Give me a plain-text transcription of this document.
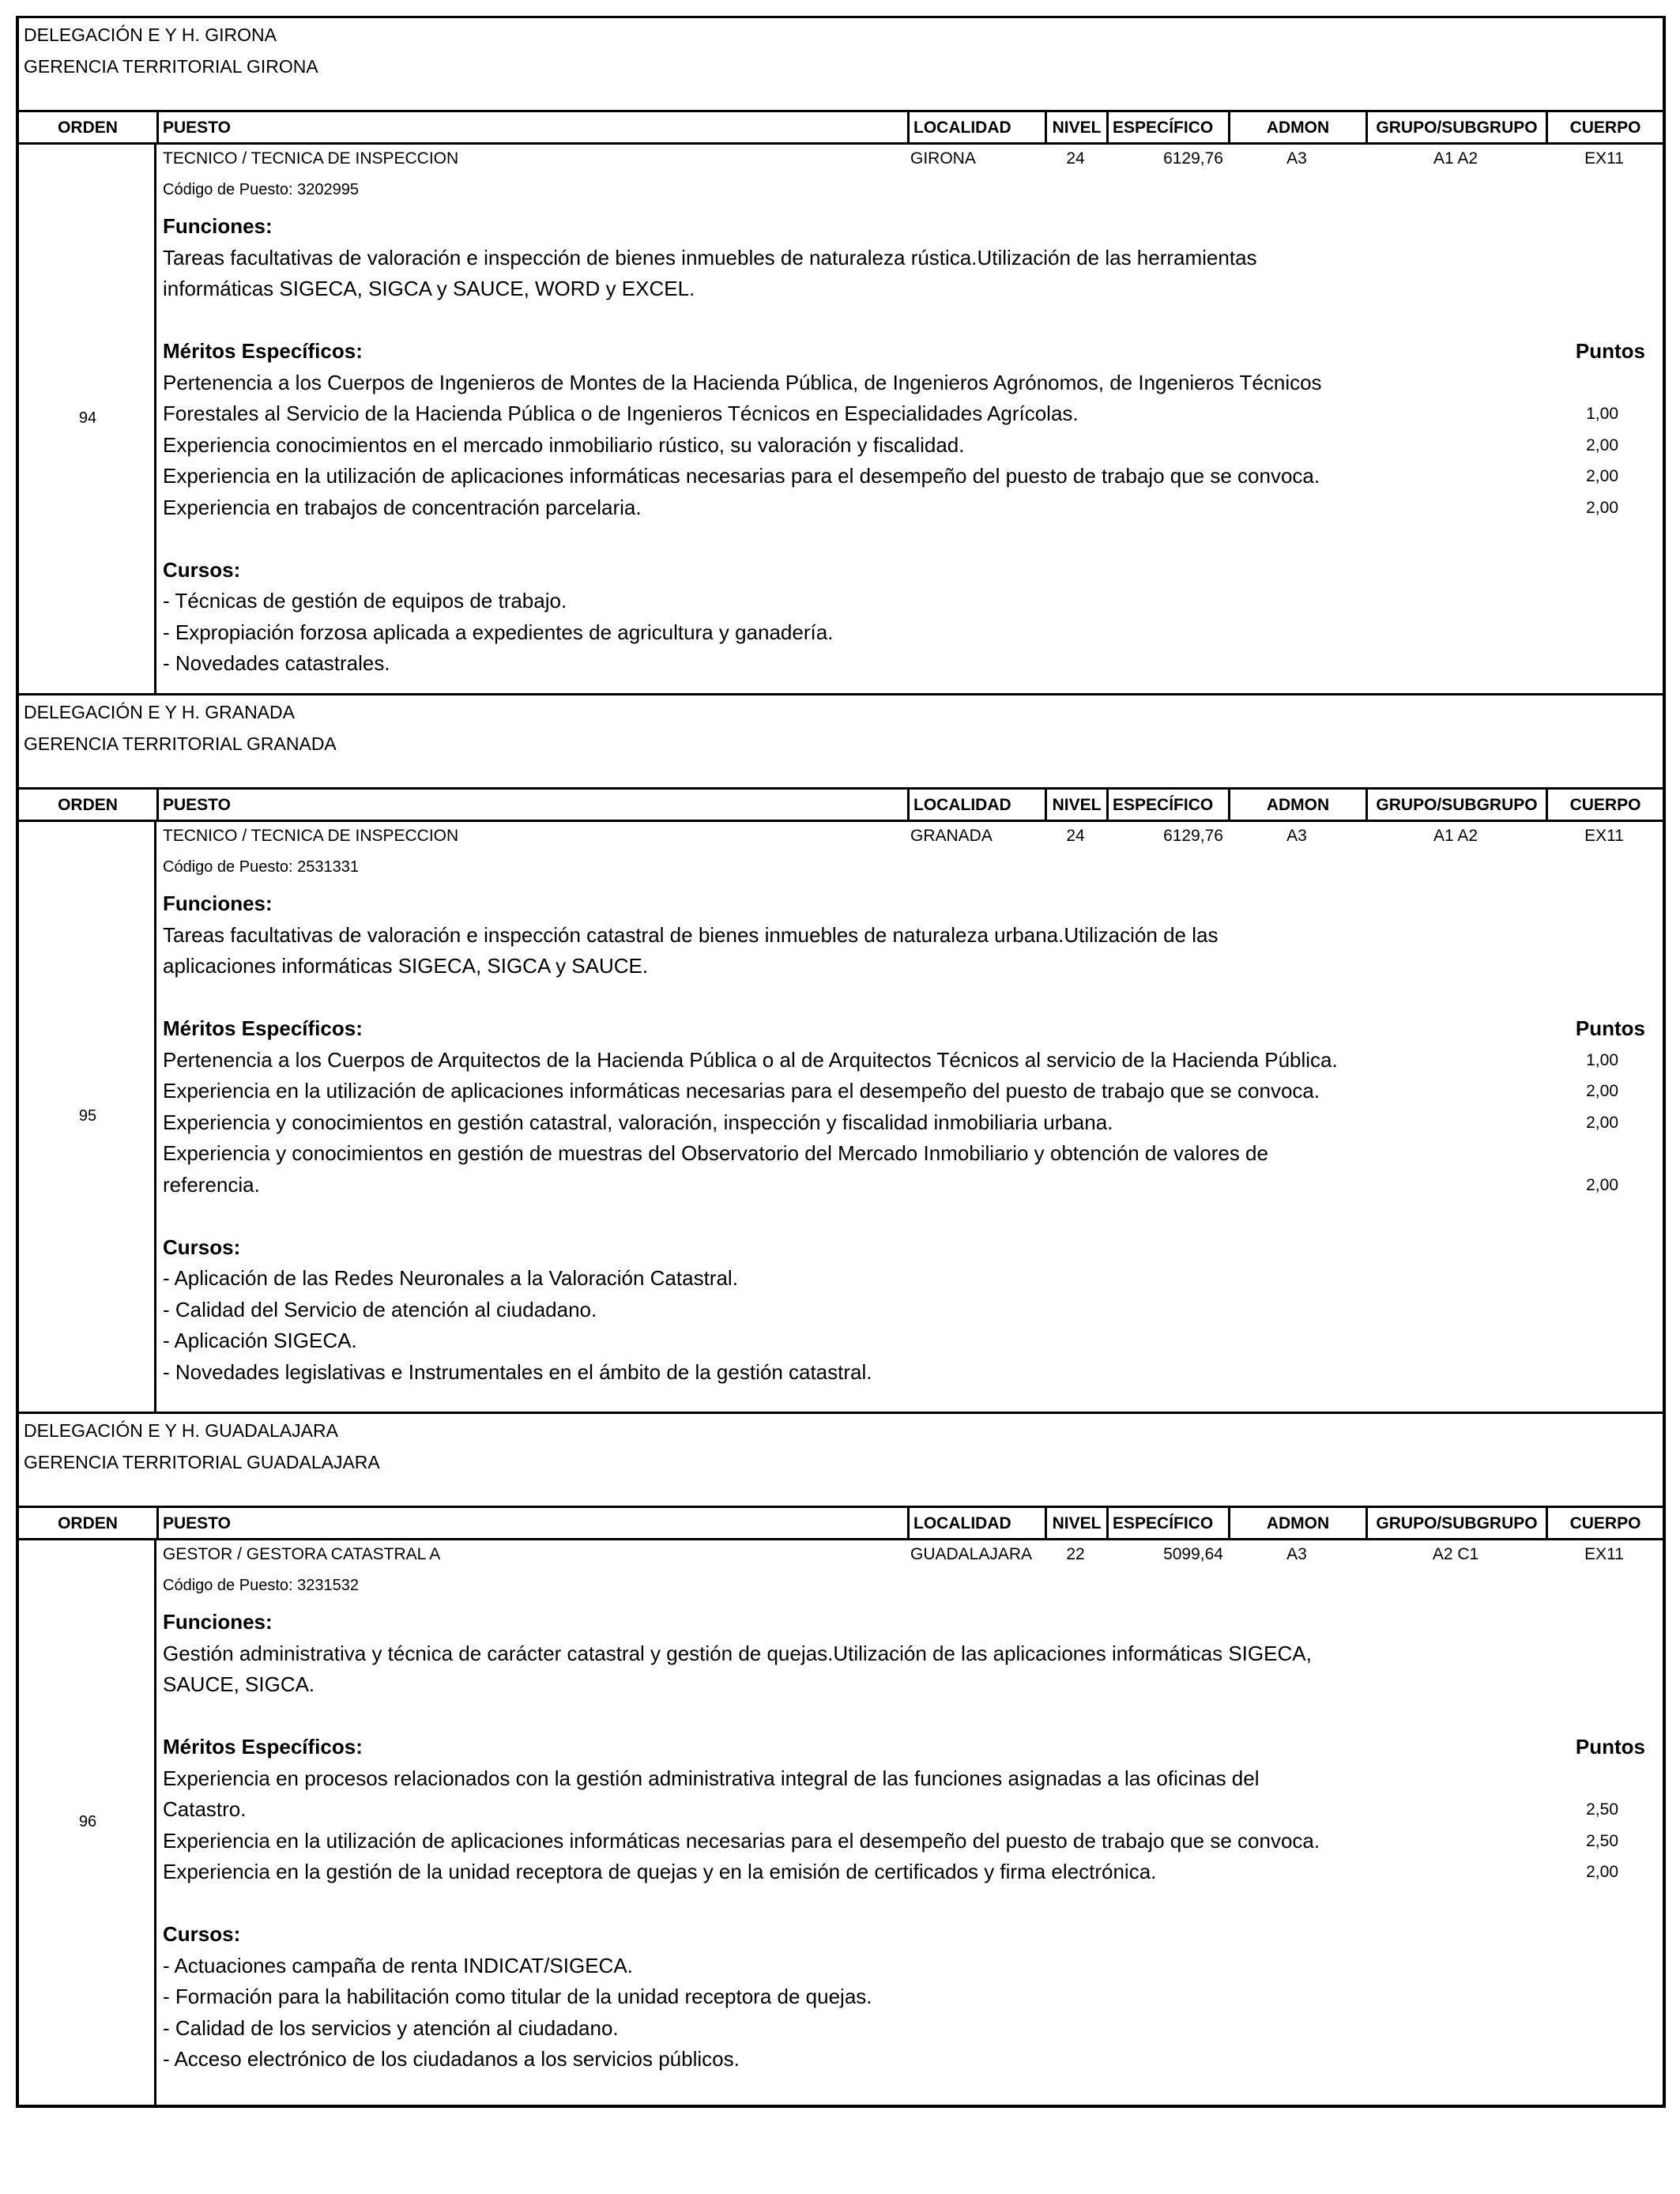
DELEGACIÓN E Y H. GIRONA
GERENCIA TERRITORIAL GIRONA
ORDEN	PUESTO	LOCALIDAD	NIVEL ESPECÍFICO	ADMON	GRUPO/SUBGRUPO	CUERPO
94
TECNICO / TECNICA DE INSPECCION	GIRONA	24	6129,76	A3	A1 A2	EX11
Código de Puesto: 3202995
Funciones:
Tareas facultativas de valoración e inspección de bienes inmuebles de naturaleza rústica.Utilización de las herramientas
informáticas SIGECA, SIGCA y SAUCE, WORD y EXCEL.
Méritos Específicos:	Puntos
Pertenencia a los Cuerpos de Ingenieros de Montes de la Hacienda Pública, de Ingenieros Agrónomos, de Ingenieros Técnicos
Forestales al Servicio de la Hacienda Pública o de Ingenieros Técnicos en Especialidades Agrícolas.	1,00
Experiencia conocimientos en el mercado inmobiliario rústico, su valoración y fiscalidad.	2,00
Experiencia en la utilización de aplicaciones informáticas necesarias para el desempeño del puesto de trabajo que se convoca.	2,00
Experiencia en trabajos de concentración parcelaria.	2,00
Cursos:
- Técnicas de gestión de equipos de trabajo.
- Expropiación forzosa aplicada a expedientes de agricultura y ganadería.
- Novedades catastrales.
DELEGACIÓN E Y H. GRANADA
GERENCIA TERRITORIAL GRANADA
ORDEN	PUESTO	LOCALIDAD	NIVEL ESPECÍFICO	ADMON	GRUPO/SUBGRUPO	CUERPO
95
TECNICO / TECNICA DE INSPECCION	GRANADA	24	6129,76	A3	A1 A2	EX11
Código de Puesto: 2531331
Funciones:
Tareas facultativas de valoración e inspección catastral de bienes inmuebles de naturaleza urbana.Utilización de las
aplicaciones informáticas SIGECA, SIGCA y SAUCE.
Méritos Específicos:	Puntos
Pertenencia a los Cuerpos de Arquitectos de la Hacienda Pública o al de Arquitectos Técnicos al servicio de la Hacienda Pública.	1,00
Experiencia en la utilización de aplicaciones informáticas necesarias para el desempeño del puesto de trabajo que se convoca.	2,00
Experiencia y conocimientos en gestión catastral, valoración, inspección y fiscalidad inmobiliaria urbana.	2,00
Experiencia y conocimientos en gestión de muestras del Observatorio del Mercado Inmobiliario y obtención de valores de
referencia.	2,00
Cursos:
- Aplicación de las Redes Neuronales a la Valoración Catastral.
- Calidad del Servicio de atención al ciudadano.
- Aplicación SIGECA.
- Novedades legislativas e Instrumentales en el ámbito de la gestión catastral.
DELEGACIÓN E Y H. GUADALAJARA
GERENCIA TERRITORIAL GUADALAJARA
ORDEN	PUESTO	LOCALIDAD	NIVEL ESPECÍFICO	ADMON	GRUPO/SUBGRUPO	CUERPO
96
GESTOR / GESTORA CATASTRAL A	GUADALAJARA	22	5099,64	A3	A2 C1	EX11
Código de Puesto: 3231532
Funciones:
Gestión administrativa y técnica de carácter catastral y gestión de quejas.Utilización de las aplicaciones informáticas SIGECA,
SAUCE, SIGCA.
Méritos Específicos:	Puntos
Experiencia en procesos relacionados con la gestión administrativa integral de las funciones asignadas a las oficinas del
Catastro.	2,50
Experiencia en la utilización de aplicaciones informáticas necesarias para el desempeño del puesto de trabajo que se convoca.	2,50
Experiencia en la gestión de la unidad receptora de quejas y en la emisión de certificados y firma electrónica.	2,00
Cursos:
- Actuaciones campaña de renta INDICAT/SIGECA.
- Formación para la habilitación como titular de la unidad receptora de quejas.
- Calidad de los servicios y atención al ciudadano.
- Acceso electrónico de los ciudadanos a los servicios públicos.
